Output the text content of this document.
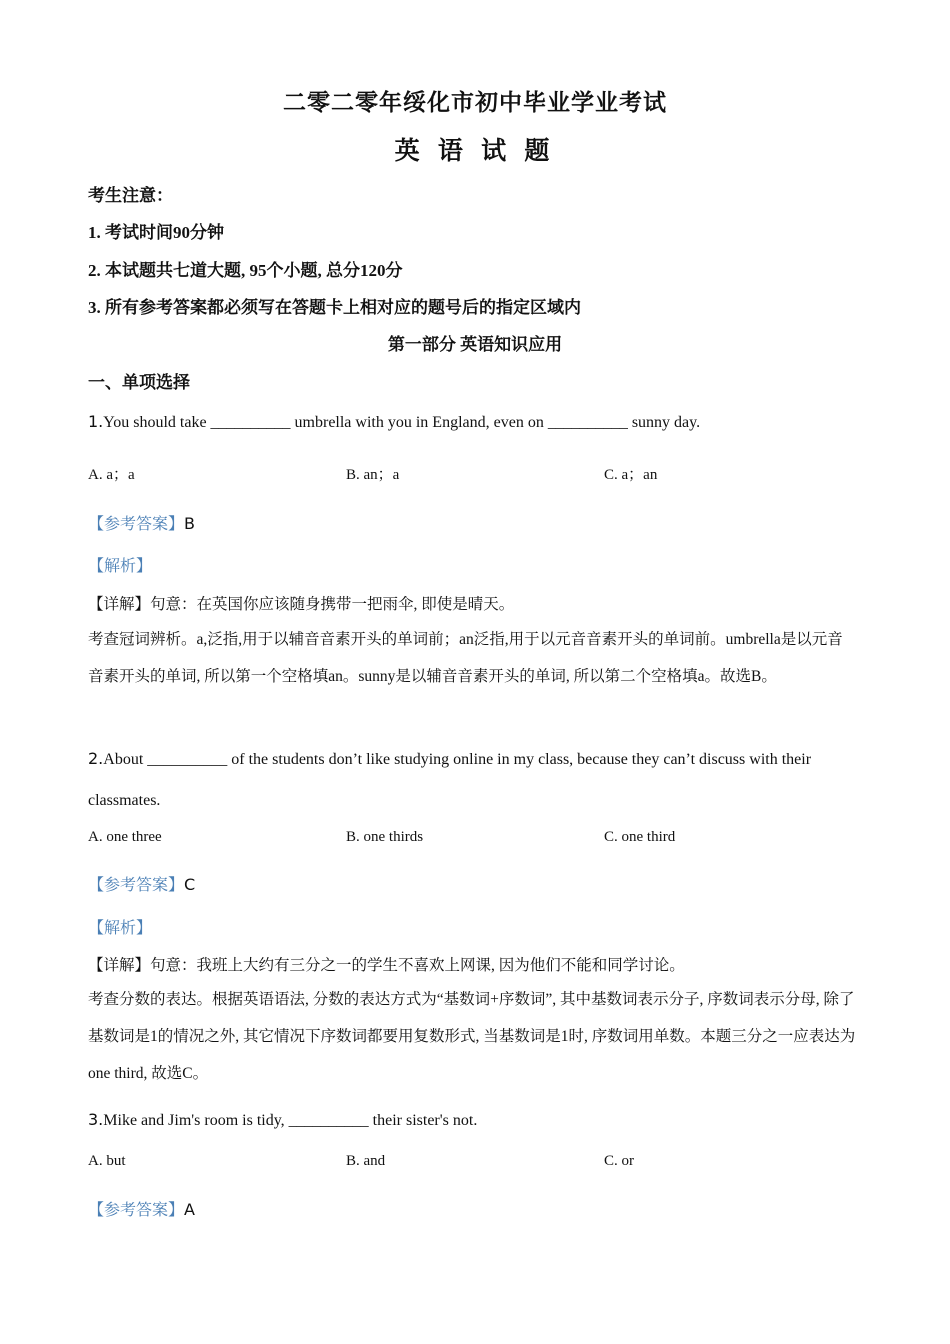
二零二零年绥化市初中毕业学业考试
英 语 试 题
考生注意：
1. 考试时间90分钟
2. 本试题共七道大题, 95个小题, 总分120分
3. 所有参考答案都必须写在答题卡上相对应的题号后的指定区域内
第一部分 英语知识应用
一、单项选择
1.You should take __________ umbrella with you in England, even on __________ sunny day.
A. a；a	B. an；a	C. a；an
【参考答案】B
【解析】
【详解】句意：在英国你应该随身携带一把雨伞, 即使是晴天。
考查冠词辨析。a,泛指,用于以辅音音素开头的单词前；an泛指,用于以元音音素开头的单词前。umbrella是以元音音素开头的单词, 所以第一个空格填an。sunny是以辅音音素开头的单词, 所以第二个空格填a。故选B。
2.About __________ of the students don’t like studying online in my class, because they can’t discuss with their
classmates.
A. one three	B. one thirds	C. one third
【参考答案】C
【解析】
【详解】句意：我班上大约有三分之一的学生不喜欢上网课, 因为他们不能和同学讨论。
考查分数的表达。根据英语语法, 分数的表达方式为“基数词+序数词”, 其中基数词表示分子, 序数词表示分母, 除了基数词是1的情况之外, 其它情况下序数词都要用复数形式, 当基数词是1时, 序数词用单数。本题三分之一应表达为one third, 故选C。
3.Mike and Jim's room is tidy, __________ their sister's not.
A. but	B. and	C. or
【参考答案】A
